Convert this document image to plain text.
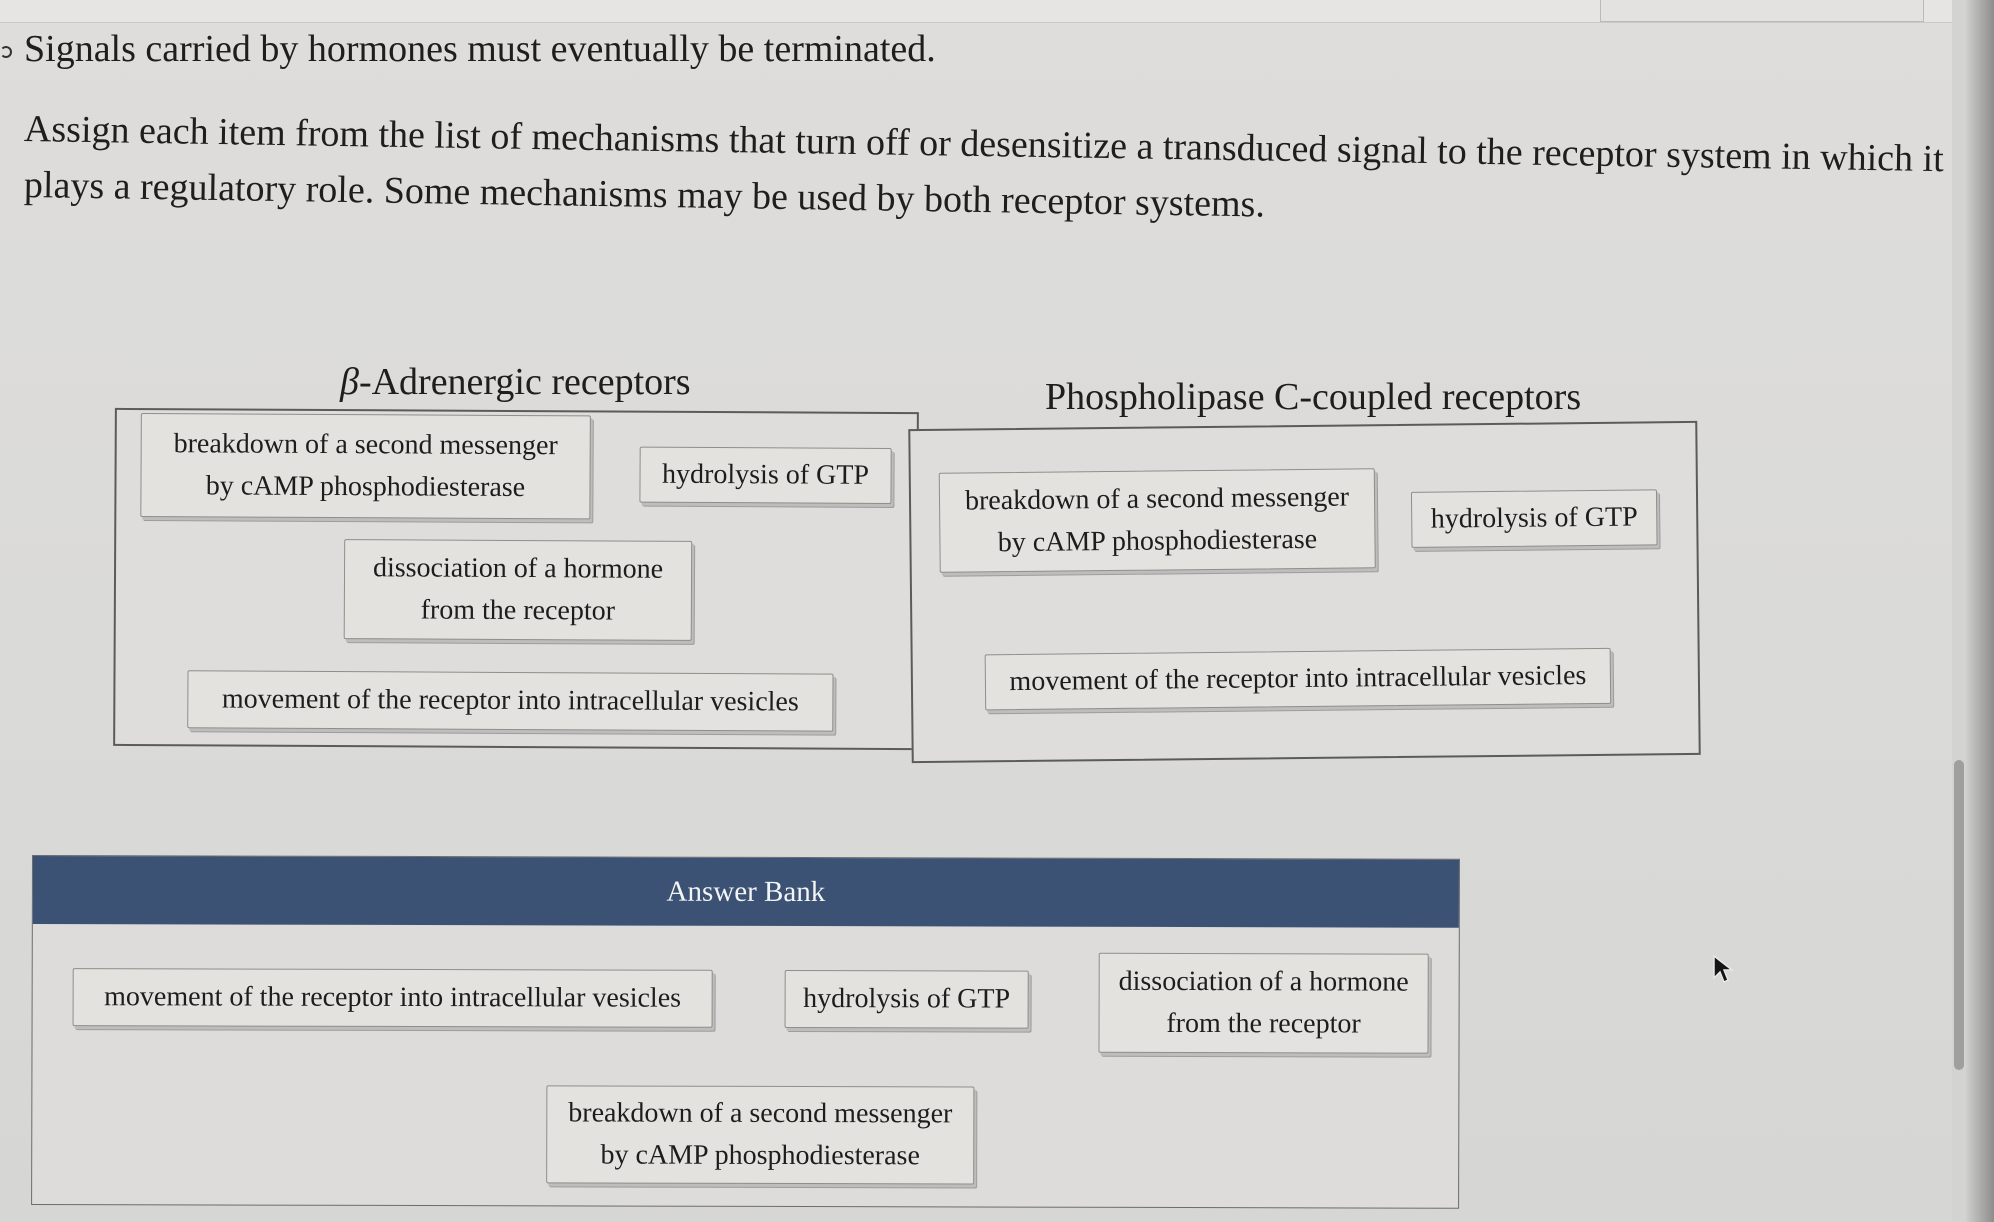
Signals carried by hormones must eventually be terminated.
Assign each item from the list of mechanisms that turn off or desensitize a transduced signal to the receptor system in which it
plays a regulatory role. Some mechanisms may be used by both receptor systems.
β-Adrenergic receptors	Phospholipase C-coupled receptors
breakdown of a second messenger
by cAMP phosphodiesterase	hydrolysis of GTP
dissociation of a hormone
from the receptor
movement of the receptor into intracellular vesicles
breakdown of a second messenger
by cAMP phosphodiesterase
hydrolysis of GTP
movement of the receptor into intracellular vesicles
Answer Bank
movement of the receptor into intracellular vesicles	hydrolysis of GTP
dissociation of a hormone
from the receptor
breakdown of a second messenger
by cAMP phosphodiesterase
